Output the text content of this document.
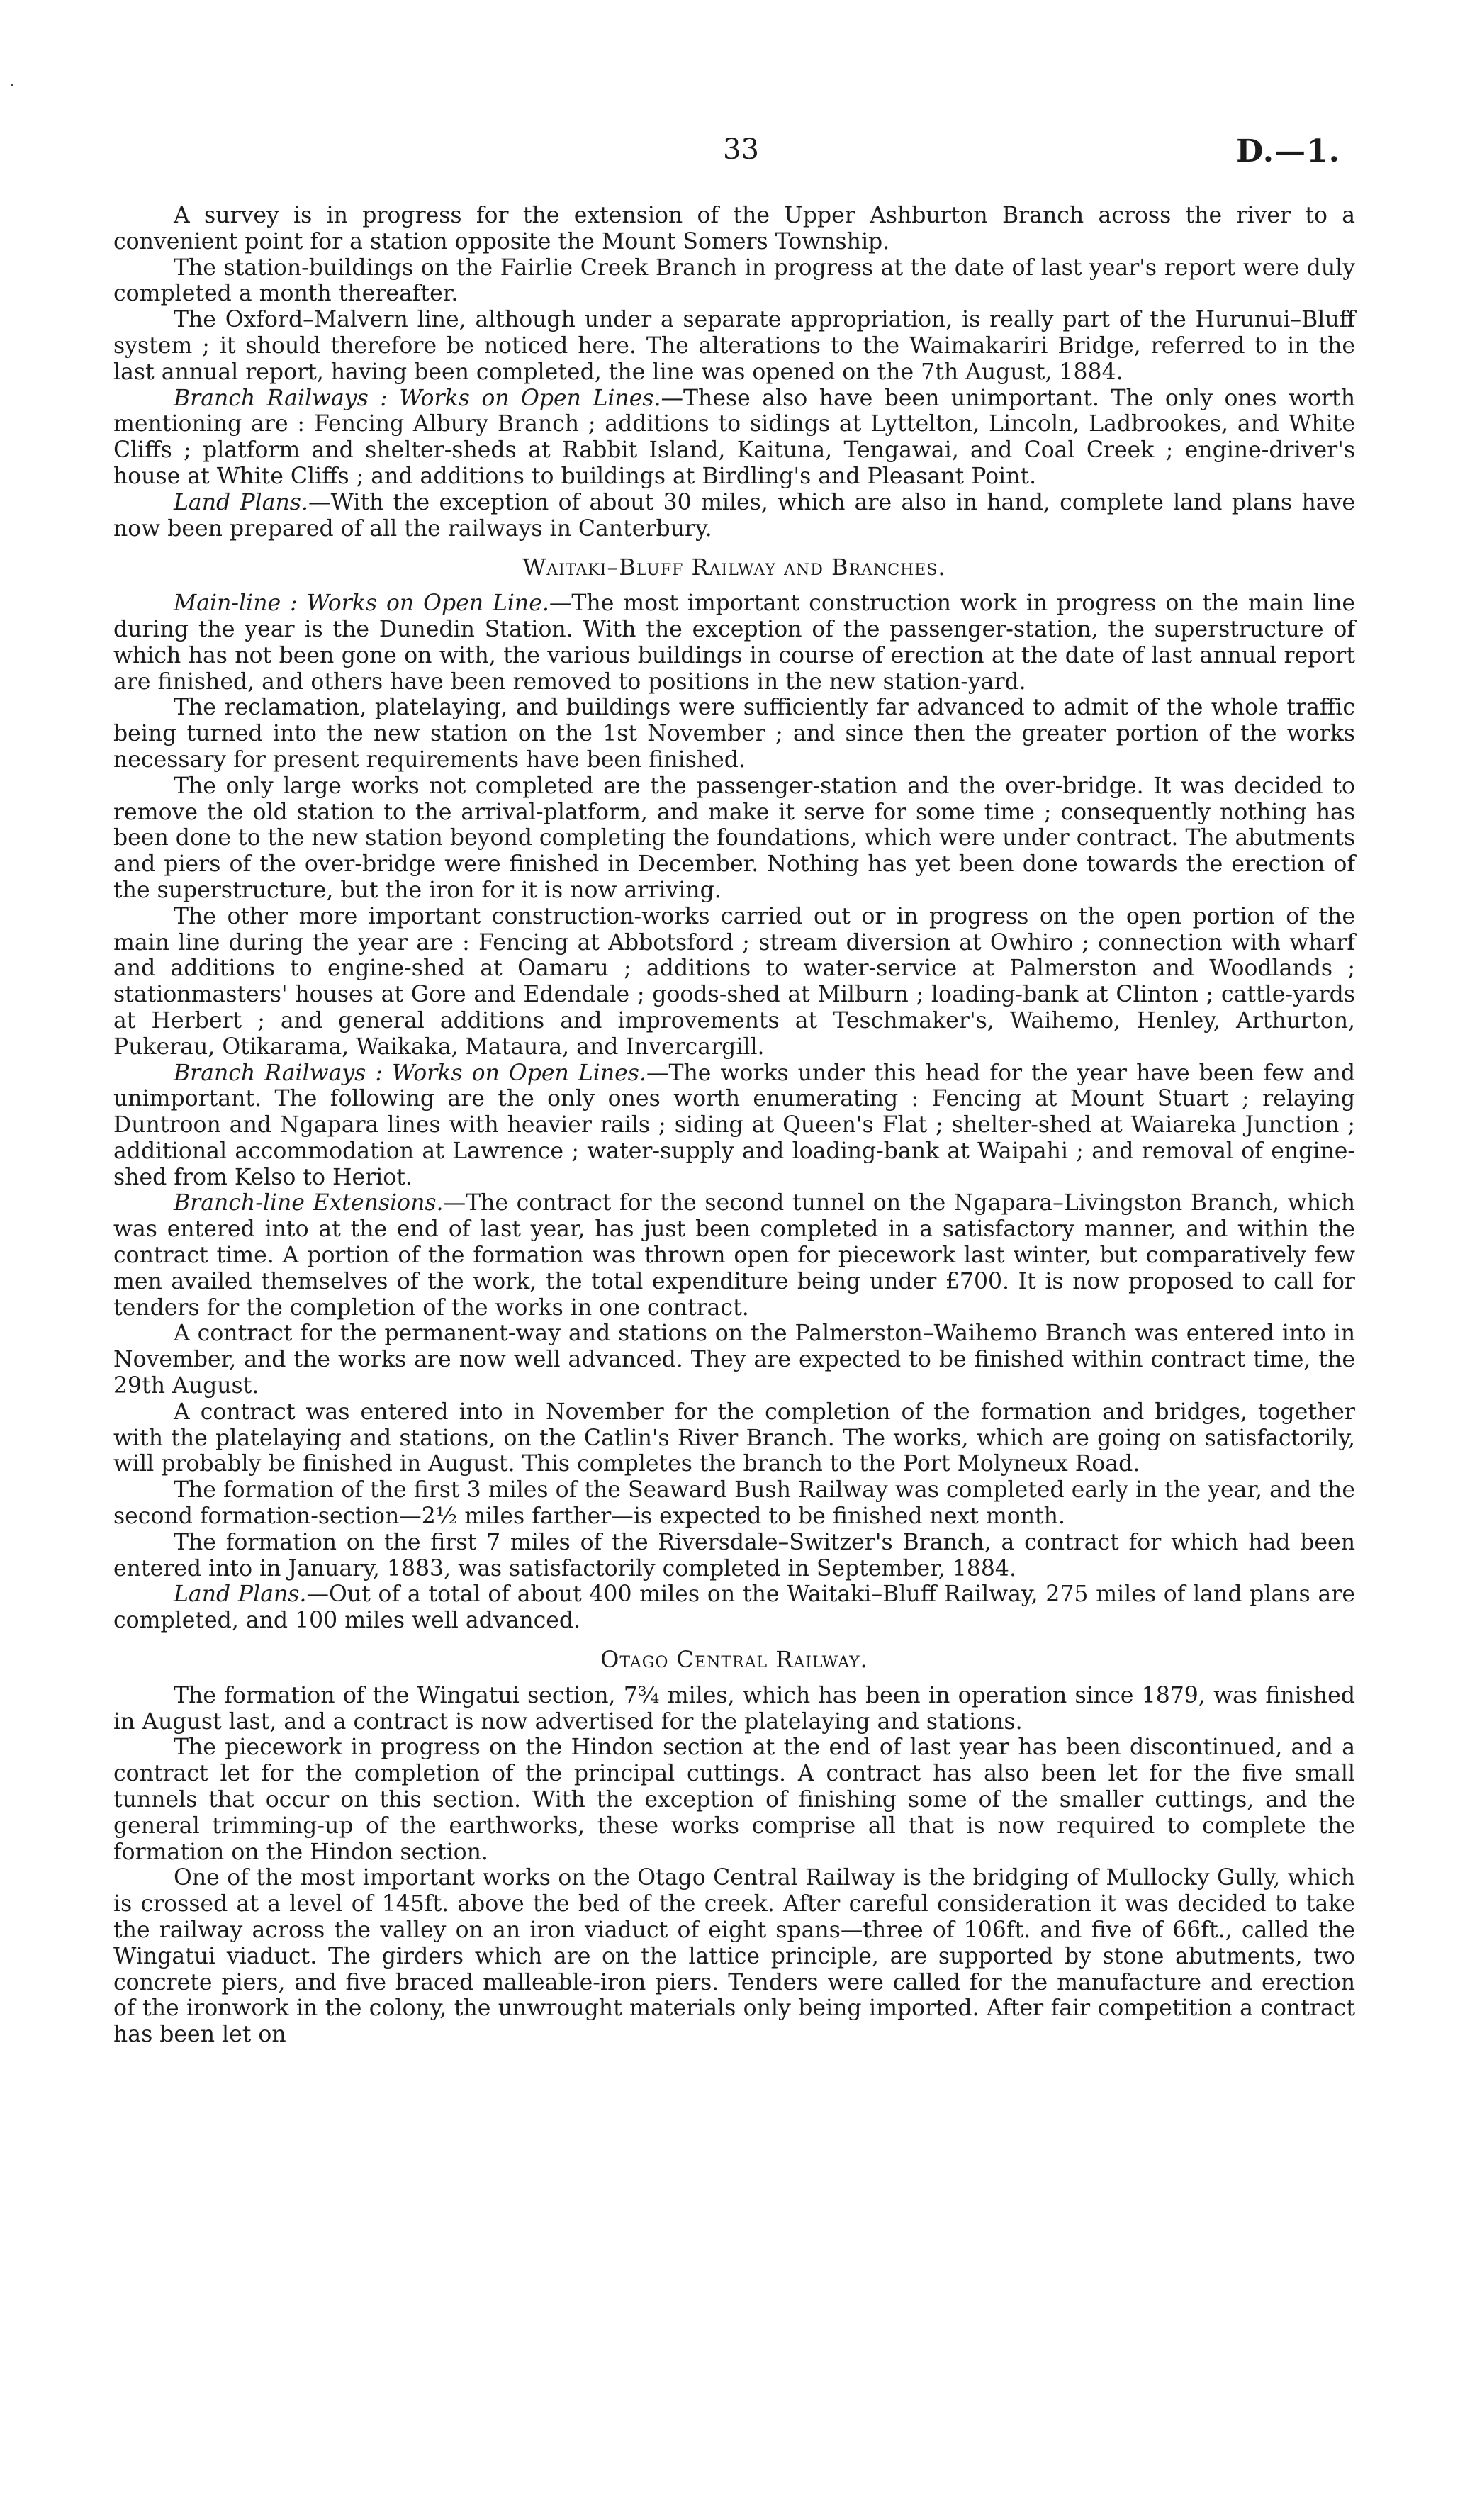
33	D.—1.

A survey is in progress for the extension of the Upper Ashburton Branch across the river to a convenient point for a station opposite the Mount Somers Township.

The station-buildings on the Fairlie Creek Branch in progress at the date of last year's report were duly completed a month thereafter.

The Oxford–Malvern line, although under a separate appropriation, is really part of the Hurunui–Bluff system ; it should therefore be noticed here. The alterations to the Waimakariri Bridge, referred to in the last annual report, having been completed, the line was opened on the 7th August, 1884.

Branch Railways : Works on Open Lines.—These also have been unimportant. The only ones worth mentioning are : Fencing Albury Branch ; additions to sidings at Lyttelton, Lincoln, Ladbrookes, and White Cliffs ; platform and shelter-sheds at Rabbit Island, Kaituna, Tengawai, and Coal Creek ; engine-driver's house at White Cliffs ; and additions to buildings at Birdling's and Pleasant Point.

Land Plans.—With the exception of about 30 miles, which are also in hand, complete land plans have now been prepared of all the railways in Canterbury.

Waitaki–Bluff Railway and Branches.

Main-line : Works on Open Line.—The most important construction work in progress on the main line during the year is the Dunedin Station. With the exception of the passenger-station, the superstructure of which has not been gone on with, the various buildings in course of erection at the date of last annual report are finished, and others have been removed to positions in the new station-yard.

The reclamation, platelaying, and buildings were sufficiently far advanced to admit of the whole traffic being turned into the new station on the 1st November ; and since then the greater portion of the works necessary for present requirements have been finished.

The only large works not completed are the passenger-station and the over-bridge. It was decided to remove the old station to the arrival-platform, and make it serve for some time ; consequently nothing has been done to the new station beyond completing the foundations, which were under contract. The abutments and piers of the over-bridge were finished in December. Nothing has yet been done towards the erection of the superstructure, but the iron for it is now arriving.

The other more important construction-works carried out or in progress on the open portion of the main line during the year are : Fencing at Abbotsford ; stream diversion at Owhiro ; connection with wharf and additions to engine-shed at Oamaru ; additions to water-service at Palmerston and Woodlands ; stationmasters' houses at Gore and Edendale ; goods-shed at Milburn ; loading-bank at Clinton ; cattle-yards at Herbert ; and general additions and improvements at Teschmaker's, Waihemo, Henley, Arthurton, Pukerau, Otikarama, Waikaka, Mataura, and Invercargill.

Branch Railways : Works on Open Lines.—The works under this head for the year have been few and unimportant. The following are the only ones worth enumerating : Fencing at Mount Stuart ; relaying Duntroon and Ngapara lines with heavier rails ; siding at Queen's Flat ; shelter-shed at Waiareka Junction ; additional accommodation at Lawrence ; water-supply and loading-bank at Waipahi ; and removal of engine-shed from Kelso to Heriot.

Branch-line Extensions.—The contract for the second tunnel on the Ngapara–Livingston Branch, which was entered into at the end of last year, has just been completed in a satisfactory manner, and within the contract time. A portion of the formation was thrown open for piecework last winter, but comparatively few men availed themselves of the work, the total expenditure being under £700. It is now proposed to call for tenders for the completion of the works in one contract.

A contract for the permanent-way and stations on the Palmerston–Waihemo Branch was entered into in November, and the works are now well advanced. They are expected to be finished within contract time, the 29th August.

A contract was entered into in November for the completion of the formation and bridges, together with the platelaying and stations, on the Catlin's River Branch. The works, which are going on satisfactorily, will probably be finished in August. This completes the branch to the Port Molyneux Road.

The formation of the first 3 miles of the Seaward Bush Railway was completed early in the year, and the second formation-section—2½ miles farther—is expected to be finished next month.

The formation on the first 7 miles of the Riversdale–Switzer's Branch, a contract for which had been entered into in January, 1883, was satisfactorily completed in September, 1884.

Land Plans.—Out of a total of about 400 miles on the Waitaki–Bluff Railway, 275 miles of land plans are completed, and 100 miles well advanced.

Otago Central Railway.

The formation of the Wingatui section, 7¾ miles, which has been in operation since 1879, was finished in August last, and a contract is now advertised for the platelaying and stations.

The piecework in progress on the Hindon section at the end of last year has been discontinued, and a contract let for the completion of the principal cuttings. A contract has also been let for the five small tunnels that occur on this section. With the exception of finishing some of the smaller cuttings, and the general trimming-up of the earthworks, these works comprise all that is now required to complete the formation on the Hindon section.

One of the most important works on the Otago Central Railway is the bridging of Mullocky Gully, which is crossed at a level of 145ft. above the bed of the creek. After careful consideration it was decided to take the railway across the valley on an iron viaduct of eight spans—three of 106ft. and five of 66ft., called the Wingatui viaduct. The girders which are on the lattice principle, are supported by stone abutments, two concrete piers, and five braced malleable-iron piers. Tenders were called for the manufacture and erection of the ironwork in the colony, the unwrought materials only being imported. After fair competition a contract has been let on
